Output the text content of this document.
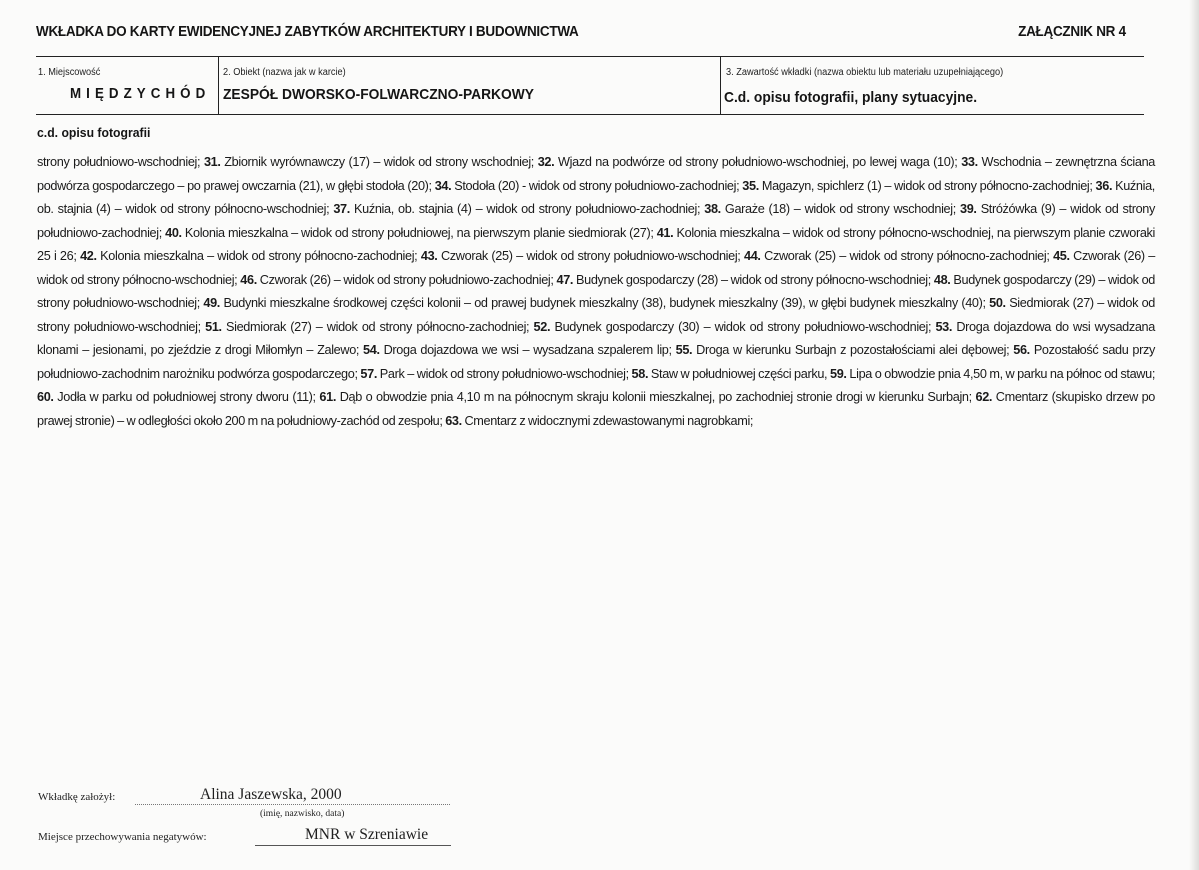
WKŁADKA DO KARTY EWIDENCYJNEJ ZABYTKÓW ARCHITEKTURY I BUDOWNICTWA	ZAŁĄCZNIK NR 4
1. Miejscowość
MIĘDZYCHÓD
2. Obiekt (nazwa jak w karcie)
ZESPÓŁ DWORSKO-FOLWARCZNO-PARKOWY
3. Zawartość wkładki (nazwa obiektu lub materiału uzupełniającego)
C.d. opisu fotografii, plany sytuacyjne.
c.d. opisu fotografii
strony południowo-wschodniej; 31. Zbiornik wyrównawczy (17) – widok od strony wschodniej; 32. Wjazd na podwórze od strony południowo-wschodniej, po lewej waga (10); 33. Wschodnia – zewnętrzna ściana podwórza gospodarczego – po prawej owczarnia (21), w głębi stodoła (20); 34. Stodoła (20) - widok od strony południowo-zachodniej; 35. Magazyn, spichlerz (1) – widok od strony północno-zachodniej; 36. Kuźnia, ob. stajnia (4) – widok od strony północno-wschodniej; 37. Kuźnia, ob. stajnia (4) – widok od strony południowo-zachodniej; 38. Garaże (18) – widok od strony wschodniej; 39. Stróżówka (9) – widok od strony południowo-zachodniej; 40. Kolonia mieszkalna – widok od strony południowej, na pierwszym planie siedmiorak (27); 41. Kolonia mieszkalna – widok od strony północno-wschodniej, na pierwszym planie czworaki 25 i 26; 42. Kolonia mieszkalna – widok od strony północno-zachodniej; 43. Czworak (25) – widok od strony południowo-wschodniej; 44. Czworak (25) – widok od strony północno-zachodniej; 45. Czworak (26) – widok od strony północno-wschodniej; 46. Czworak (26) – widok od strony południowo-zachodniej; 47. Budynek gospodarczy (28) – widok od strony północno-wschodniej; 48. Budynek gospodarczy (29) – widok od strony południowo-wschodniej; 49. Budynki mieszkalne środkowej części kolonii – od prawej budynek mieszkalny (38), budynek mieszkalny (39), w głębi budynek mieszkalny (40); 50. Siedmiorak (27) – widok od strony południowo-wschodniej; 51. Siedmiorak (27) – widok od strony północno-zachodniej; 52. Budynek gospodarczy (30) – widok od strony południowo-wschodniej; 53. Droga dojazdowa do wsi wysadzana klonami – jesionami, po zjeździe z drogi Miłomłyn – Zalewo; 54. Droga dojazdowa we wsi – wysadzana szpalerem lip; 55. Droga w kierunku Surbajn z pozostałościami alei dębowej; 56. Pozostałość sadu przy południowo-zachodnim narożniku podwórza gospodarczego; 57. Park – widok od strony południowo-wschodniej; 58. Staw w południowej części parku, 59. Lipa o obwodzie pnia 4,50 m, w parku na północ od stawu; 60. Jodła w parku od południowej strony dworu (11); 61. Dąb o obwodzie pnia 4,10 m na północnym skraju kolonii mieszkalnej, po zachodniej stronie drogi w kierunku Surbajn; 62. Cmentarz (skupisko drzew po prawej stronie) – w odległości około 200 m na południowy-zachód od zespołu; 63. Cmentarz z widocznymi zdewastowanymi nagrobkami;
Wkładkę założył:	Alina Jaszewska, 2000
(imię, nazwisko, data)
Miejsce przechowywania negatywów:	MNR w Szreniawie
